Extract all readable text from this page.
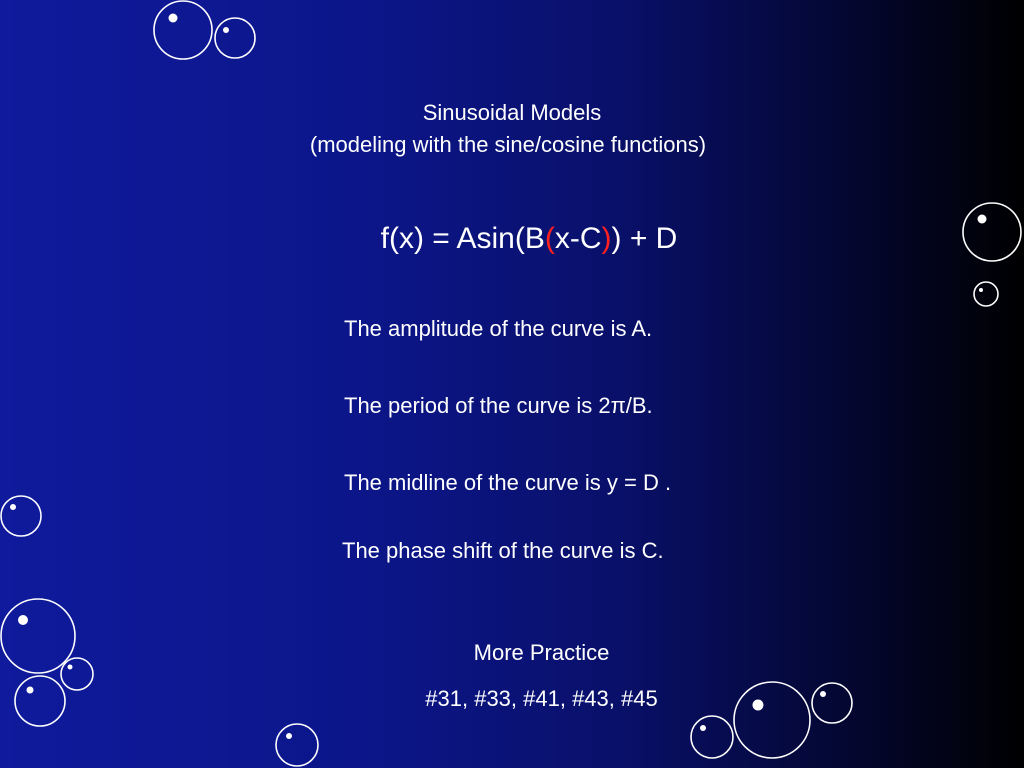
Sinusoidal Models
(modeling with the sine/cosine functions)
f(x) = Asin(B(x-C)) + D
The amplitude of the curve is A.
The period of the curve is 2π/B.
The midline of the curve is y = D .
The phase shift of the curve is C.
More Practice
#31, #33, #41, #43, #45
